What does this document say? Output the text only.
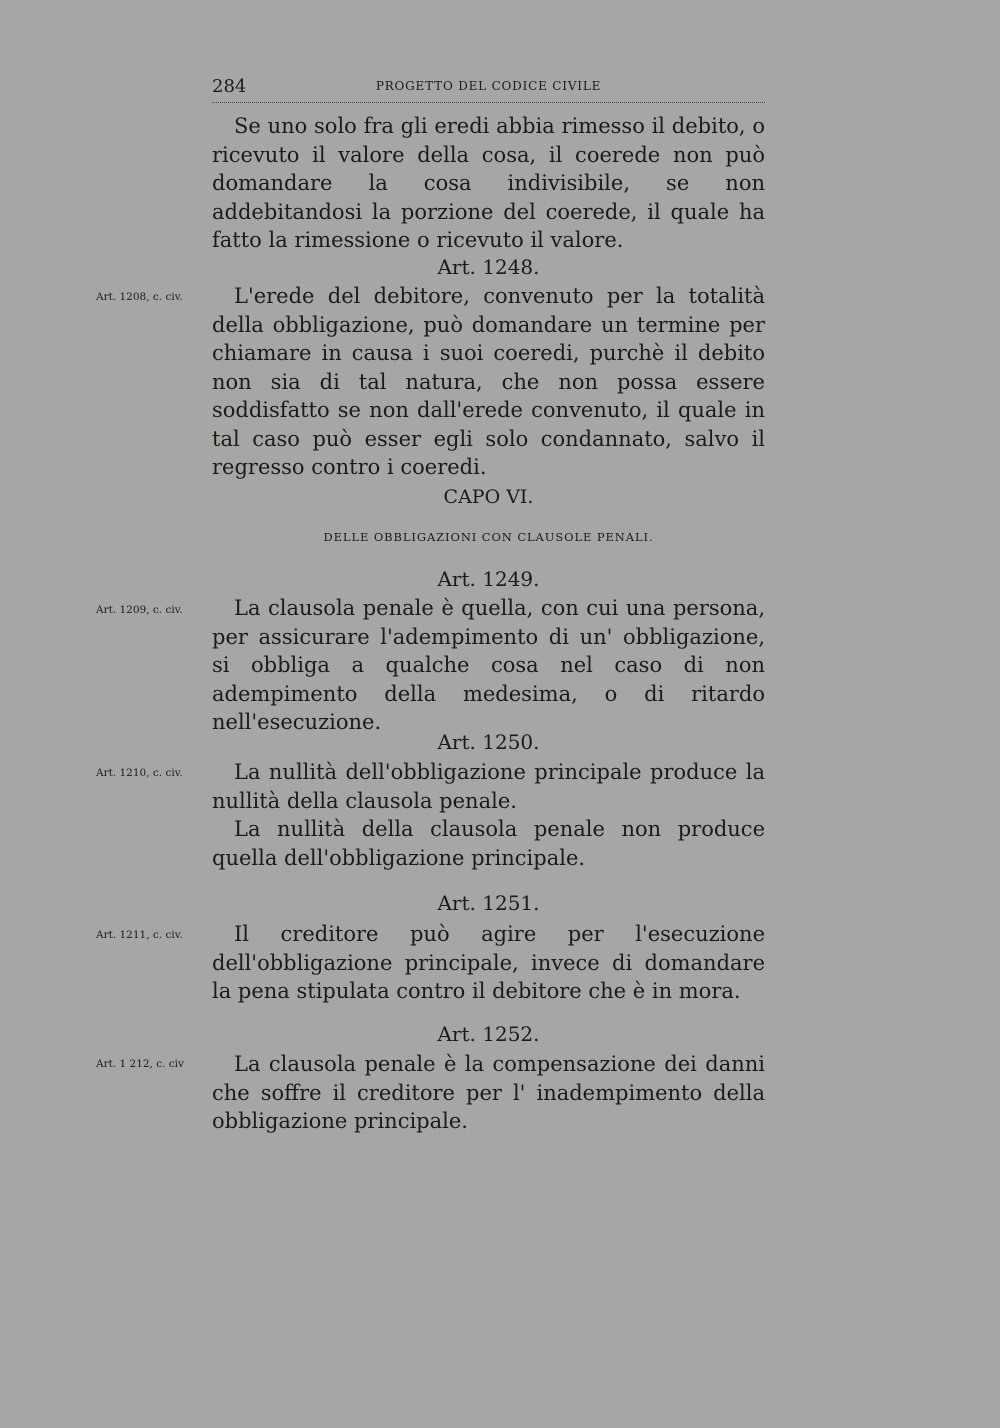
284	PROGETTO DEL CODICE CIVILE

Se uno solo fra gli eredi abbia rimesso il debito, o ricevuto il valore della cosa, il coerede non può domandare la cosa indivisibile, se non addebitandosi la porzione del coerede, il quale ha fatto la rimessione o ricevuto il valore.

Art. 1248.
Art. 1208, c. civ.	L'erede del debitore, convenuto per la totalità della obbligazione, può domandare un termine per chiamare in causa i suoi coeredi, purchè il debito non sia di tal natura, che non possa essere soddisfatto se non dall'erede convenuto, il quale in tal caso può esser egli solo condannato, salvo il regresso contro i coeredi.

CAPO VI.
DELLE OBBLIGAZIONI CON CLAUSOLE PENALI.
Art. 1249.
Art. 1209, c. civ.	La clausola penale è quella, con cui una persona, per assicurare l'adempimento di un' obbligazione, si obbliga a qualche cosa nel caso di non adempimento della medesima, o di ritardo nell'esecuzione.

Art. 1250.
Art. 1210, c. civ.	La nullità dell'obbligazione principale produce la nullità della clausola penale.

La nullità della clausola penale non produce quella dell'obbligazione principale.

Art. 1251.
Art. 1211, c. civ.	Il creditore può agire per l'esecuzione dell'obbligazione principale, invece di domandare la pena stipulata contro il debitore che è in mora.

Art. 1252.
Art. 1 212, c. civ	La clausola penale è la compensazione dei danni che soffre il creditore per l' inadempimento della obbligazione principale.
